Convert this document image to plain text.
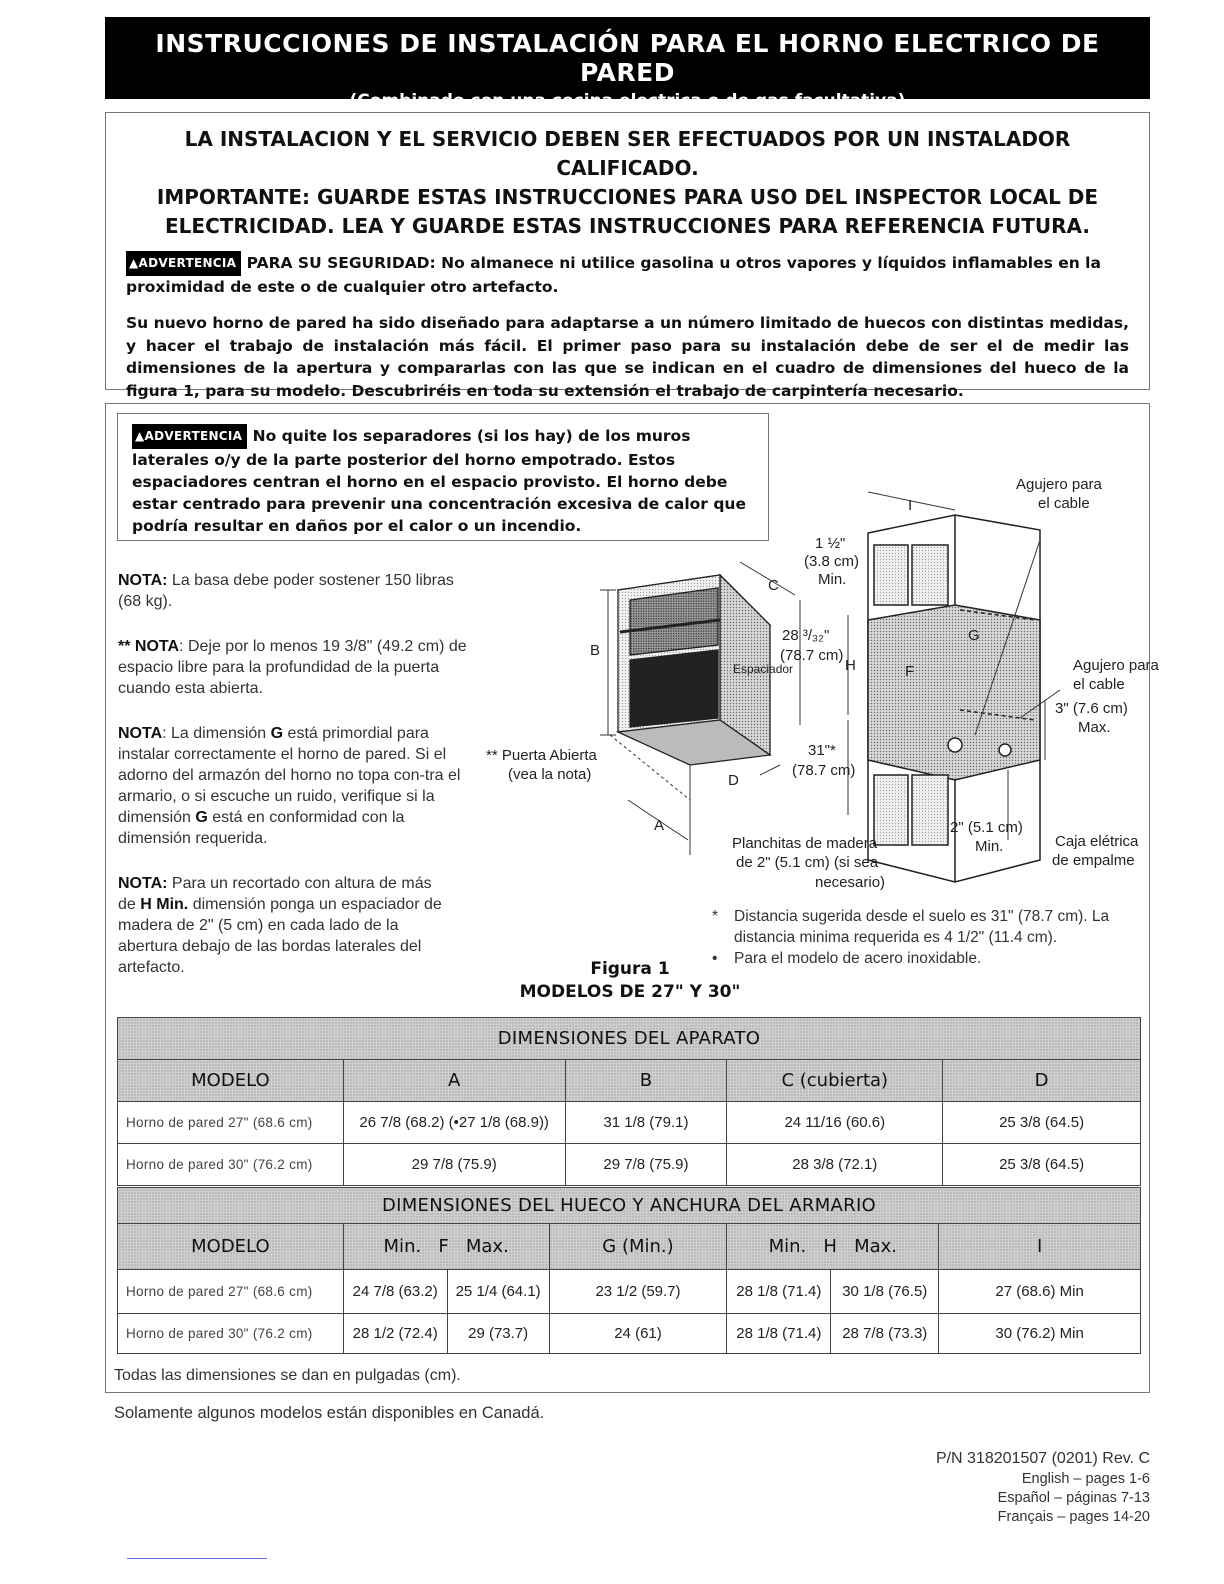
INSTRUCCIONES DE INSTALACIÓN PARA EL HORNO ELECTRICO DE PARED
(Combinado con una cocina electrica o de gas facultativa)
LA INSTALACION Y EL SERVICIO DEBEN SER EFECTUADOS POR UN INSTALADOR CALIFICADO.
IMPORTANTE: GUARDE ESTAS INSTRUCCIONES PARA USO DEL INSPECTOR LOCAL DE
ELECTRICIDAD. LEA Y GUARDE ESTAS INSTRUCCIONES PARA REFERENCIA FUTURA.
▲ADVERTENCIA PARA SU SEGURIDAD: No almanece ni utilice gasolina u otros vapores y líquidos inflamables en la proximidad de este o de cualquier otro artefacto.
Su nuevo horno de pared ha sido diseñado para adaptarse a un número limitado de huecos con distintas medidas, y hacer el trabajo de instalación más fácil. El primer paso para su instalación debe de ser el de medir las dimensiones de la apertura y compararlas con las que se indican en el cuadro de dimensiones del hueco de la figura 1, para su modelo. Descubriréis en toda su extensión el trabajo de carpintería necesario.
▲ADVERTENCIA No quite los separadores (si los hay) de los muros laterales o/y de la parte posterior del horno empotrado. Estos espaciadores centran el horno en el espacio provisto. El horno debe estar centrado para prevenir una concentración excesiva de calor que podría resultar en daños por el calor o un incendio.
NOTA: La basa debe poder sostener 150 libras (68 kg).
** NOTA: Deje por lo menos 19 3/8" (49.2 cm) de espacio libre para la profundidad de la puerta cuando esta abierta.
NOTA: La dimensión G está primordial para instalar correctamente el horno de pared. Si el adorno del armazón del horno no topa con-tra el armario, o si escuche un ruido, verifique si la dimensión G está en conformidad con la dimensión requerida.
NOTA: Para un recortado con altura de más de H Min. dimensión ponga un espaciador de madera de 2" (5 cm) en cada lado de la abertura debajo de las bordas laterales del artefacto.
A
B
C
D
F
G
H
I
Espaciador
** Puerta Abierta
(vea la nota)
1 ½"
(3.8 cm)
Min.
28 ³/₃₂"
(78.7 cm)
31"*
(78.7 cm)
Agujero para
el cable
Agujero para
el cable
3" (7.6 cm)
Max.
2" (5.1 cm)
Min.	Caja elétrica
de empalme
Planchitas de madera
de 2" (5.1 cm) (si sea
necesario)
* Distancia sugerida desde el suelo es 31" (78.7 cm). La distancia minima requerida es 4 1/2" (11.4 cm).
• Para el modelo de acero inoxidable.
Figura 1
MODELOS DE 27" Y 30"
DIMENSIONES DEL APARATO				
MODELO	A	B	C (cubierta)	D
Horno de pared 27" (68.6 cm)	26 7/8 (68.2) (•27 1/8 (68.9))	31 1/8 (79.1)	24 11/16 (60.6)	25 3/8 (64.5)
Horno de pared 30" (76.2 cm)	29 7/8 (75.9)	29 7/8 (75.9)	28 3/8 (72.1)	25 3/8 (64.5)
DIMENSIONES DEL HUECO Y ANCHURA DEL ARMARIO						
MODELO	Min.   F   Max.		G (Min.)	Min.   H   Max.		I
Horno de pared 27" (68.6 cm)	24 7/8 (63.2)	25 1/4 (64.1)	23 1/2 (59.7)	28 1/8 (71.4)	30 1/8 (76.5)	27 (68.6) Min
Horno de pared 30" (76.2 cm)	28 1/2 (72.4)	29 (73.7)	24 (61)	28 1/8 (71.4)	28 7/8 (73.3)	30 (76.2) Min
Todas las dimensiones se dan en pulgadas (cm).
Solamente algunos modelos están disponibles en Canadá.
P/N 318201507 (0201) Rev. C
English – pages 1-6
Español – páginas 7-13
Français – pages 14-20
